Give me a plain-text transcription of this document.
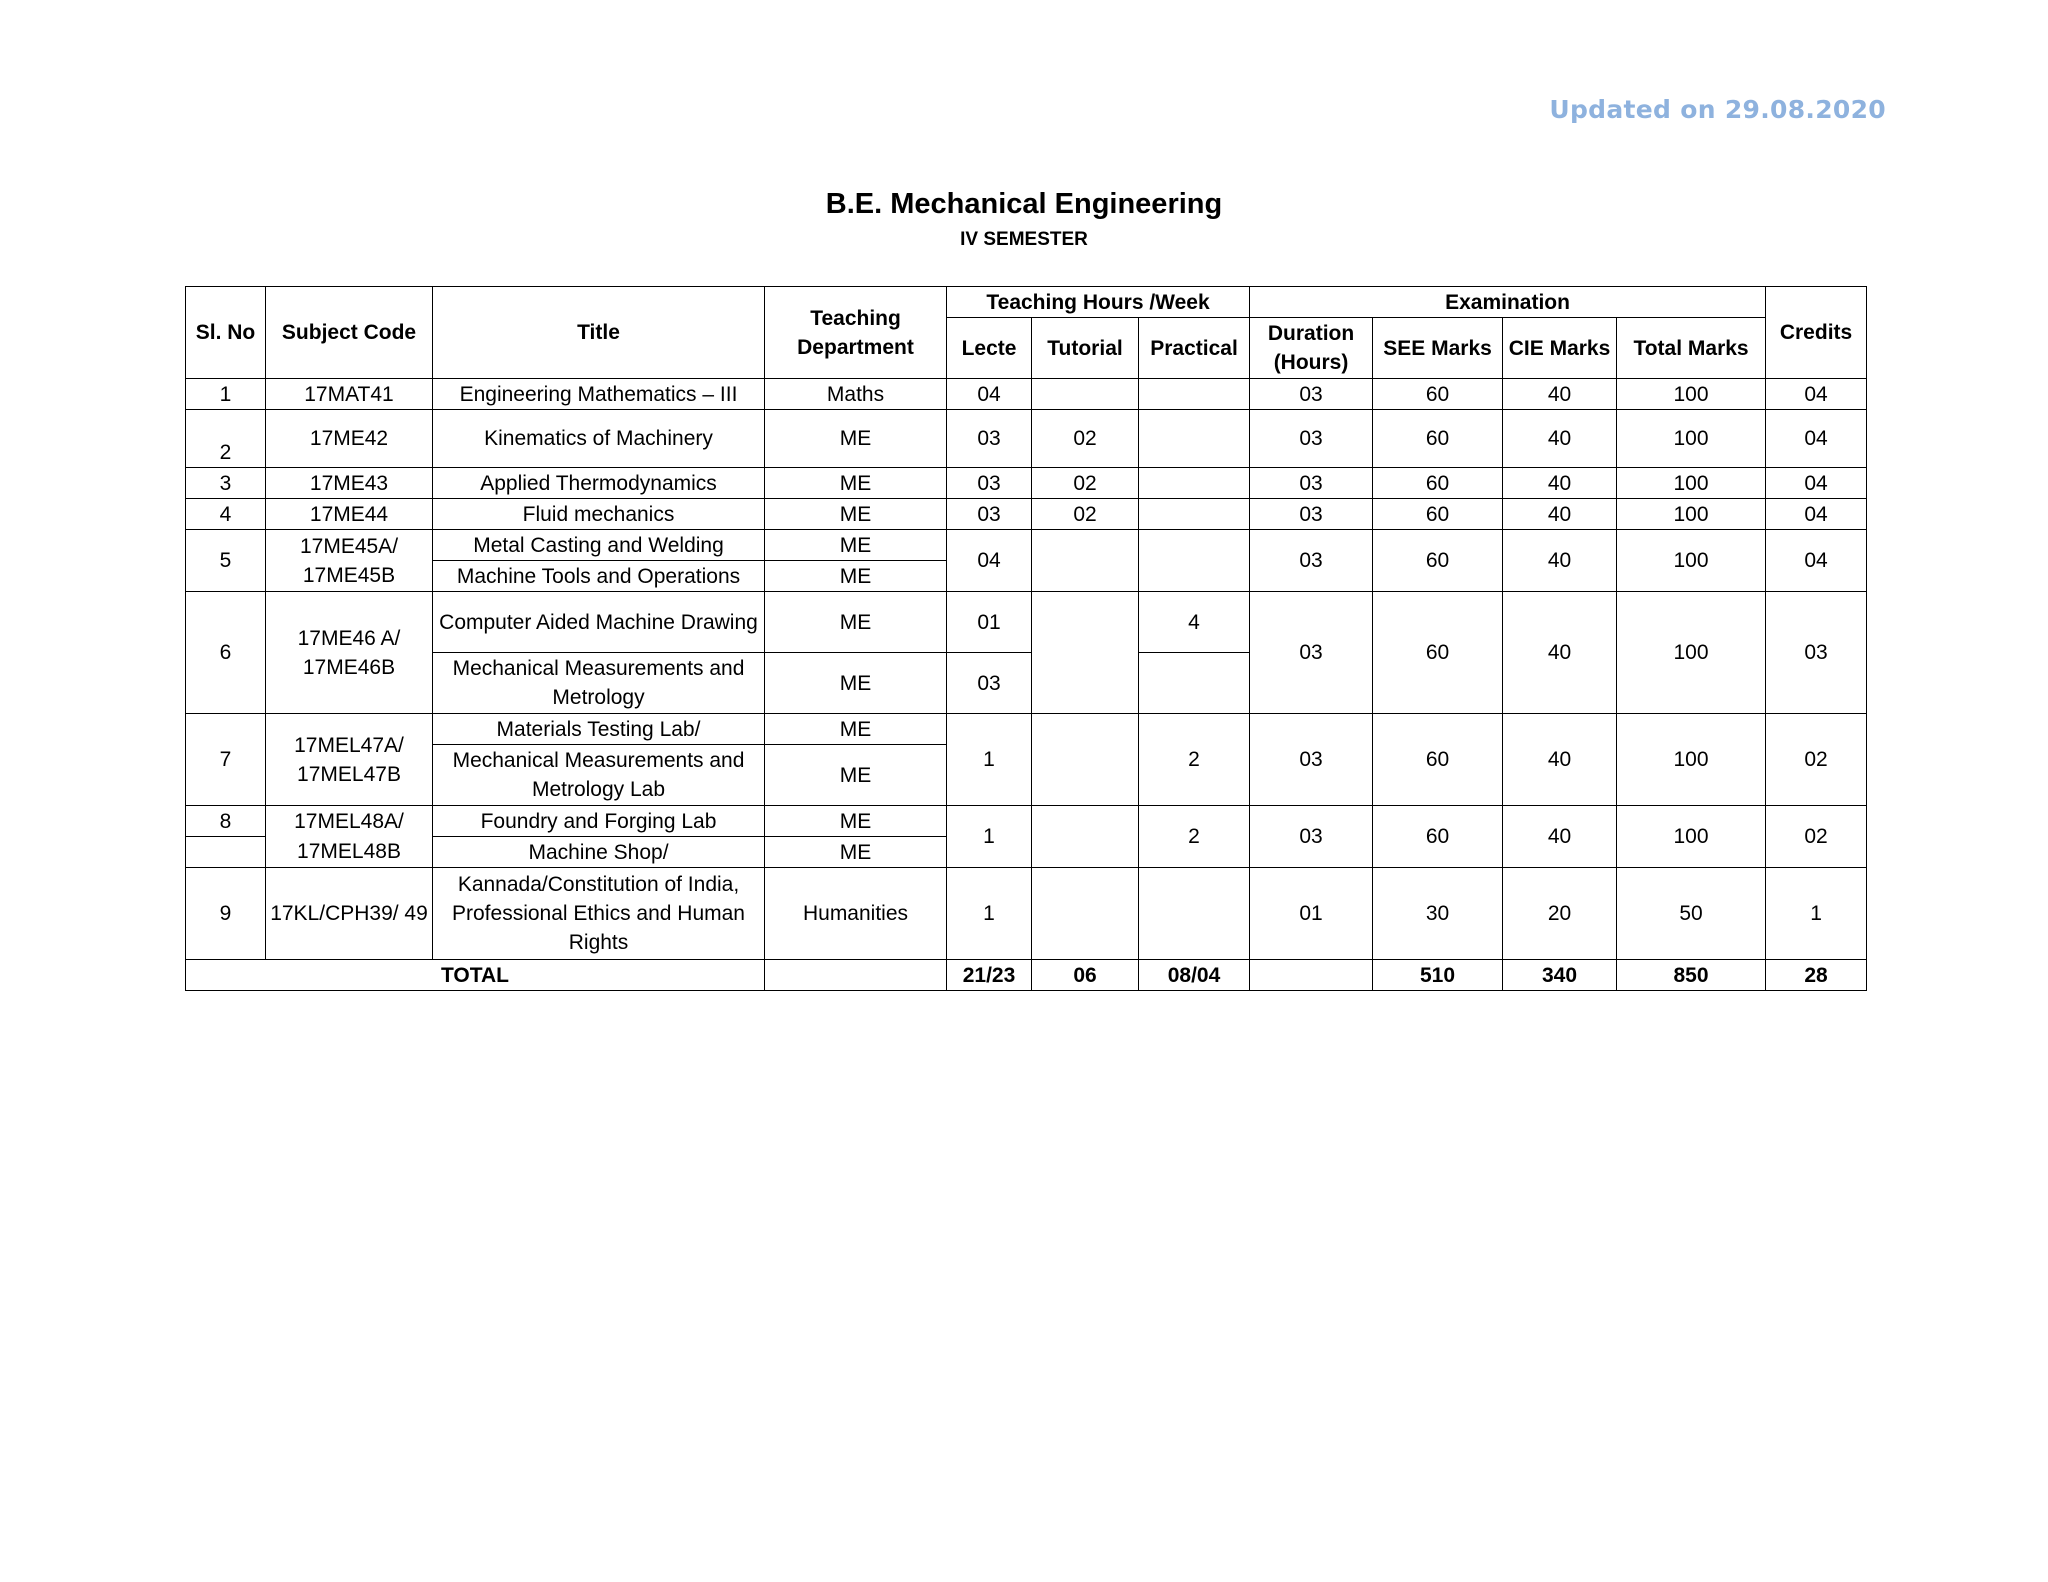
Updated on 29.08.2020
B.E. Mechanical Engineering
IV SEMESTER
Sl. No	Subject Code	Title	Teaching Department	Teaching Hours /Week			Examination				Credits
				Lecte	Tutorial	Practical	Duration (Hours)	SEE Marks	CIE Marks	Total Marks	
1	17MAT41	Engineering Mathematics – III	Maths	04			03	60	40	100	04
2	17ME42	Kinematics of Machinery	ME	03	02		03	60	40	100	04
3	17ME43	Applied Thermodynamics	ME	03	02		03	60	40	100	04
4	17ME44	Fluid mechanics	ME	03	02		03	60	40	100	04
5	17ME45A/ 17ME45B	Metal Casting and Welding	ME	04			03	60	40	100	04
		Machine Tools and Operations	ME								
6	17ME46 A/ 17ME46B	Computer Aided Machine Drawing	ME	01		4	03	60	40	100	03
		Mechanical Measurements and Metrology	ME	03							
7	17MEL47A/ 17MEL47B	Materials Testing Lab/	ME	1		2	03	60	40	100	02
		Mechanical Measurements and Metrology Lab	ME								
8	17MEL48A/	Foundry and Forging Lab	ME	1		2	03	60	40	100	02
	17MEL48B	Machine Shop/	ME								
9	17KL/CPH39/ 49	Kannada/Constitution of India, Professional Ethics and Human Rights	Humanities	1			01	30	20	50	1
TOTAL				21/23	06	08/04		510	340	850	28
